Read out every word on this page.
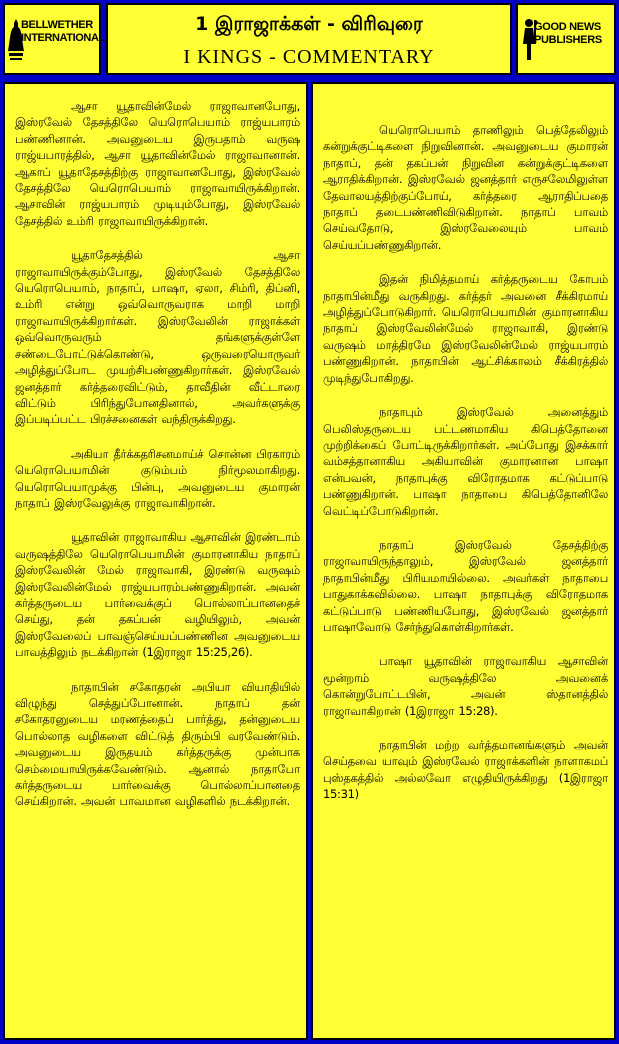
BELLWETHER INTERNATIONAL
1 இராஜாக்கள் - விரிவுரை
I KINGS - COMMENTARY
GOOD NEWS PUBLISHERS

ஆசா யூதாவின்மேல் ராஜாவானபோது, இஸ்ரவேல் தேசத்திலே யெரொபெயாம் ராஜ்யபாரம் பண்ணினான். அவனுடைய இருபதாம் வருஷ ராஜ்யபாரத்தில், ஆசா யூதாவின்மேல் ராஜாவானான். ஆகாப் யூதாதேசத்திற்கு ராஜாவானபோது, இஸ்ரவேல் தேசத்திலே யெரொபெயாம் ராஜாவாயிருக்கிறான். ஆசாவின் ராஜ்யபாரம் முடியும்போது, இஸ்ரவேல் தேசத்தில் உம்ரி ராஜாவாயிருக்கிறான்.

யூதாதேசத்தில் ஆசா ராஜாவாயிருக்கும்போது, இஸ்ரவேல் தேசத்திலே யெரொபெயாம், நாதாப், பாஷா, ஏலா, சிம்ரி, திப்னி, உம்ரி என்று ஒவ்வொருவராக மாறி மாறி ராஜாவாயிருக்கிறார்கள். இஸ்ரவேலின் ராஜாக்கள் ஒவ்வொருவரும் தங்களுக்குள்ளே சண்டைபோட்டுக்கொண்டு, ஒருவரையொருவர் அழித்துப்போட முயற்சிபண்ணுகிறார்கள். இஸ்ரவேல் ஜனத்தார் கர்த்தரைவிட்டும், தாவீதின் வீட்டாரை விட்டும் பிரிந்துபோனதினால், அவர்களுக்கு இப்படிப்பட்ட பிரச்சனைகள் வந்திருக்கிறது.

அகியா தீர்க்கதரிசனமாய்ச் சொன்ன பிரகாரம் யெரொபெயாமின் குடும்பம் நிர்மூலமாகிறது. யெரொபெயாமுக்கு பின்பு, அவனுடைய குமாரன் நாதாப் இஸ்ரவேலுக்கு ராஜாவாகிறான்.

யூதாவின் ராஜாவாகிய ஆசாவின் இரண்டாம் வருஷத்திலே யெரொபெயாமின் குமாரனாகிய நாதாப் இஸ்ரவேலின் மேல் ராஜாவாகி, இரண்டு வருஷம் இஸ்ரவேலின்மேல் ராஜ்யபாரம்பண்ணுகிறான். அவன் கர்த்தருடைய பார்வைக்குப் பொல்லாப்பானதைச் செய்து, தன் தகப்பன் வழியிலும், அவன் இஸ்ரவேலைப் பாவஞ்செய்யப்பண்ணின அவனுடைய பாவத்திலும் நடக்கிறான் (1இராஜா 15:25,26).

நாதாபின் சகோதரன் அபியா வியாதியில் விழுந்து செத்துப்போனான். நாதாப் தன் சகோதரனுடைய மரணத்தைப் பார்த்து, தன்னுடைய பொல்லாத வழிகளை விட்டுத் திரும்பி வரவேண்டும். அவனுடைய இருதயம் கர்த்தருக்கு முன்பாக செம்மையாயிருக்கவேண்டும். ஆனால் நாதாபோ கர்த்தருடைய பார்வைக்கு பொல்லாப்பானதை செய்கிறான். அவன் பாவமான வழிகளில் நடக்கிறான்.

யெரொபெயாம் தாணிலும் பெத்தேலிலும் கன்றுக்குட்டிகளை நிறுவினான். அவனுடைய குமாரன் நாதாப், தன் தகப்பன் நிறுவின கன்றுக்குட்டிகளை ஆராதிக்கிறான். இஸ்ரவேல் ஜனத்தார் எருசலேமிலுள்ள தேவாலயத்திற்குப்போய், கர்த்தரை ஆராதிப்பதை நாதாப் தடைபண்ணிவிடுகிறான். நாதாப் பாவம் செய்வதோடு, இஸ்ரவேலையும் பாவம் செய்யப்பண்ணுகிறான்.

இதன் நிமித்தமாய் கர்த்தருடைய கோபம் நாதாபின்மீது வருகிறது. கர்த்தர் அவனை சீக்கிரமாய் அழித்துப்போடுகிறார். யெரொபெயாமின் குமாரனாகிய நாதாப் இஸ்ரவேலின்மேல் ராஜாவாகி, இரண்டு வருஷம் மாத்திரமே இஸ்ரவேலின்மேல் ராஜ்யபாரம் பண்ணுகிறான். நாதாபின் ஆட்சிக்காலம் சீக்கிரத்தில் முடிந்துபோகிறது.

நாதாபும் இஸ்ரவேல் அனைத்தும் பெலிஸ்தருடைய பட்டணமாகிய கிபெத்தோனை முற்றிக்கைப் போட்டிருக்கிறார்கள். அப்போது இசக்கார் வம்சத்தானாகிய அகியாவின் குமாரனான பாஷா என்பவன், நாதாபுக்கு விரோதமாக கட்டுப்பாடு பண்ணுகிறான். பாஷா நாதாபை கிபெத்தோனிலே வெட்டிப்போடுகிறான்.

நாதாப் இஸ்ரவேல் தேசத்திற்கு ராஜாவாயிருந்தாலும், இஸ்ரவேல் ஜனத்தார் நாதாபின்மீது பிரியமாயில்லை. அவர்கள் நாதாபை பாதுகாக்கவில்லை. பாஷா நாதாபுக்கு விரோதமாக கட்டுப்பாடு பண்ணியபோது, இஸ்ரவேல் ஜனத்தார் பாஷாவோடு சேர்ந்துகொள்கிறார்கள்.

பாஷா யூதாவின் ராஜாவாகிய ஆசாவின் மூன்றாம் வருஷத்திலே அவனைக் கொன்றுபோட்டபின், அவன் ஸ்தானத்தில் ராஜாவாகிறான் (1இராஜா 15:28).

நாதாபின் மற்ற வர்த்தமானங்களும் அவன் செய்தவை யாவும் இஸ்ரவேல் ராஜாக்களின் நாளாகமப் புஸ்தகத்தில் அல்லவோ எழுதியிருக்கிறது (1இராஜா 15:31)
